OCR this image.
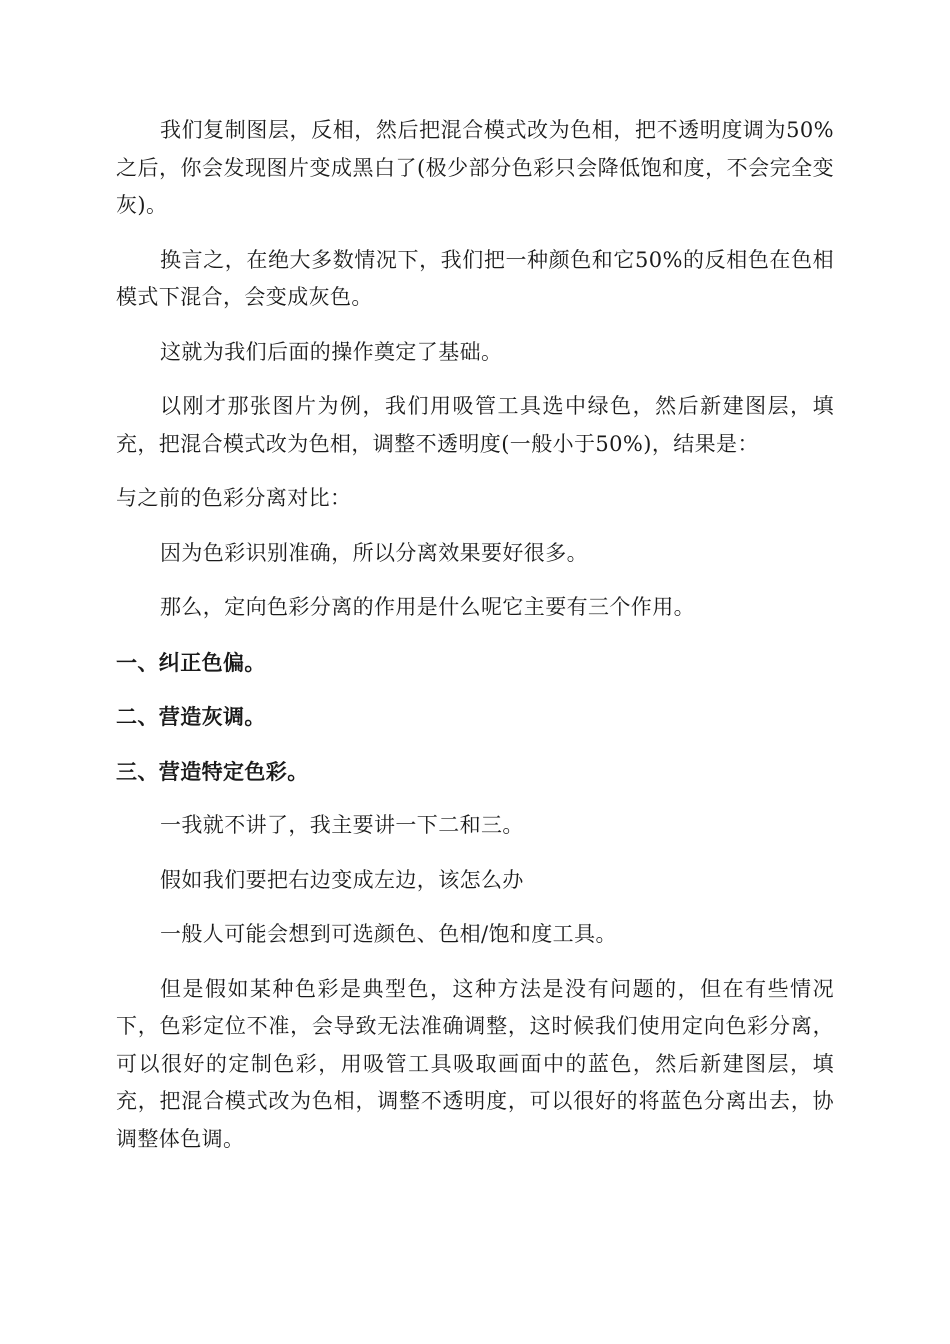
我们复制图层，反相，然后把混合模式改为色相，把不透明度调为50%之后，你会发现图片变成黑白了(极少部分色彩只会降低饱和度，不会完全变灰)。

换言之，在绝大多数情况下，我们把一种颜色和它50%的反相色在色相模式下混合，会变成灰色。

这就为我们后面的操作奠定了基础。

以刚才那张图片为例，我们用吸管工具选中绿色，然后新建图层，填充，把混合模式改为色相，调整不透明度(一般小于50%)，结果是：

与之前的色彩分离对比：

因为色彩识别准确，所以分离效果要好很多。

那么，定向色彩分离的作用是什么呢它主要有三个作用。

一、纠正色偏。

二、营造灰调。

三、营造特定色彩。

一我就不讲了，我主要讲一下二和三。

假如我们要把右边变成左边，该怎么办

一般人可能会想到可选颜色、色相/饱和度工具。

但是假如某种色彩是典型色，这种方法是没有问题的，但在有些情况下，色彩定位不准，会导致无法准确调整，这时候我们使用定向色彩分离，可以很好的定制色彩，用吸管工具吸取画面中的蓝色，然后新建图层，填充，把混合模式改为色相，调整不透明度，可以很好的将蓝色分离出去，协调整体色调。
